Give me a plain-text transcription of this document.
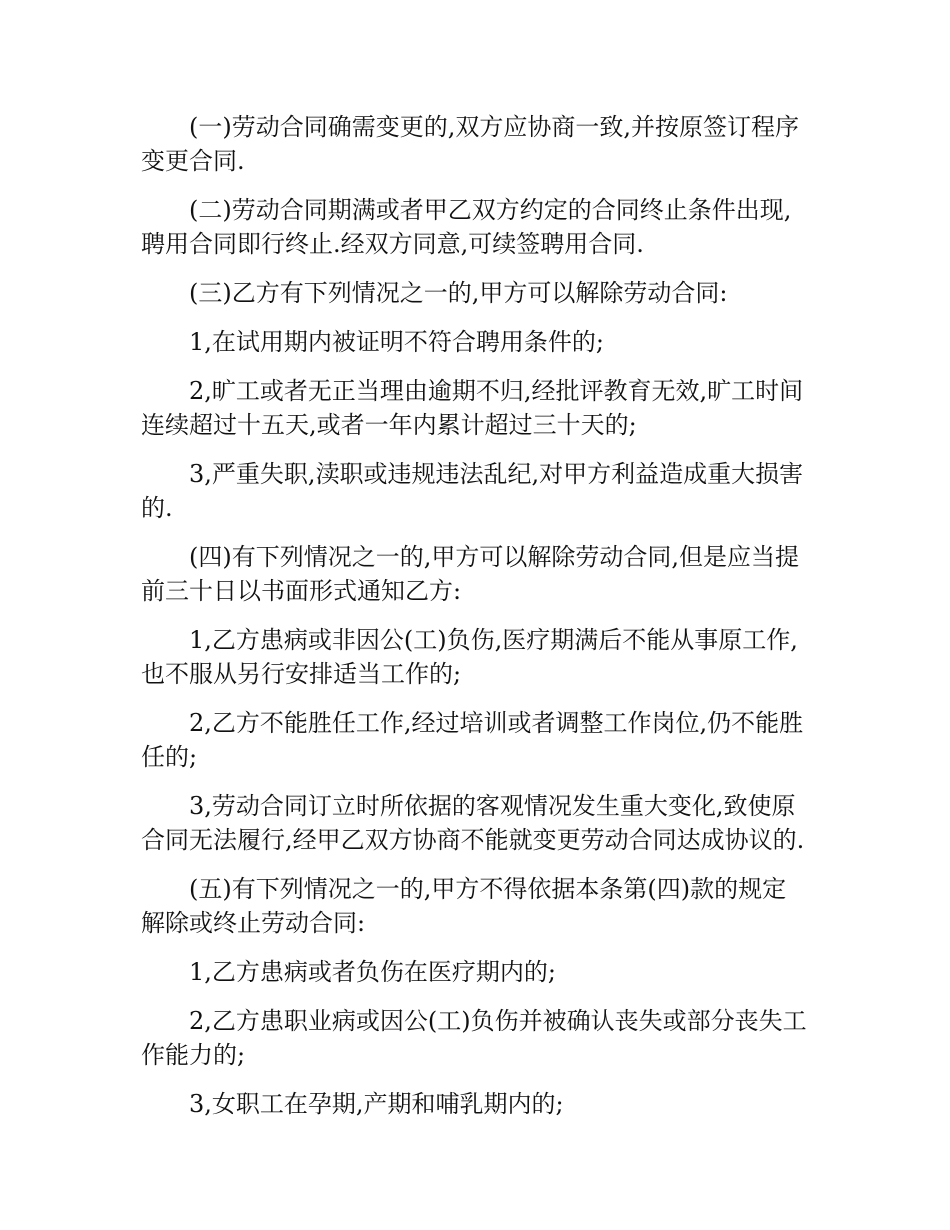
(一)劳动合同确需变更的,双方应协商一致,并按原签订程序变更合同.

(二)劳动合同期满或者甲乙双方约定的合同终止条件出现,聘用合同即行终止.经双方同意,可续签聘用合同.

(三)乙方有下列情况之一的,甲方可以解除劳动合同:

1,在试用期内被证明不符合聘用条件的;

2,旷工或者无正当理由逾期不归,经批评教育无效,旷工时间连续超过十五天,或者一年内累计超过三十天的;

3,严重失职,渎职或违规违法乱纪,对甲方利益造成重大损害的.

(四)有下列情况之一的,甲方可以解除劳动合同,但是应当提前三十日以书面形式通知乙方:

1,乙方患病或非因公(工)负伤,医疗期满后不能从事原工作,也不服从另行安排适当工作的;

2,乙方不能胜任工作,经过培训或者调整工作岗位,仍不能胜任的;

3,劳动合同订立时所依据的客观情况发生重大变化,致使原合同无法履行,经甲乙双方协商不能就变更劳动合同达成协议的.

(五)有下列情况之一的,甲方不得依据本条第(四)款的规定解除或终止劳动合同:

1,乙方患病或者负伤在医疗期内的;

2,乙方患职业病或因公(工)负伤并被确认丧失或部分丧失工作能力的;

3,女职工在孕期,产期和哺乳期内的;
